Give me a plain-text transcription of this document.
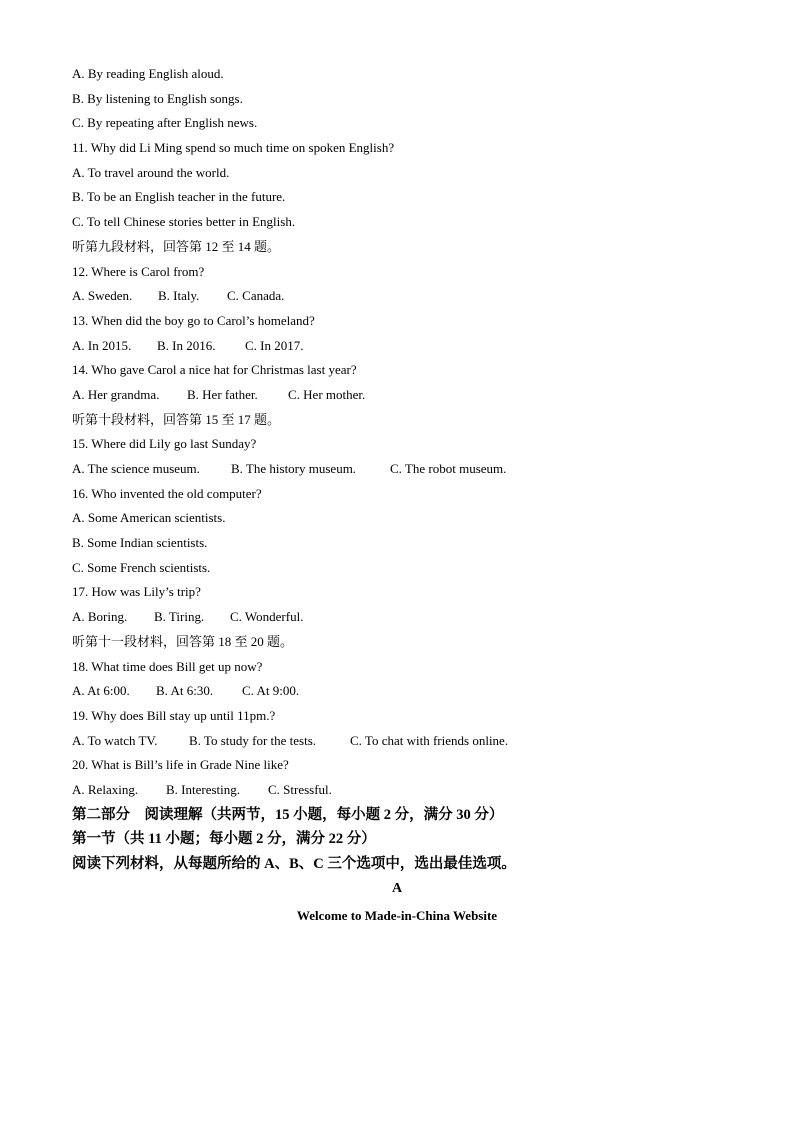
A. By reading English aloud.
B. By listening to English songs.
C. By repeating after English news.
11. Why did Li Ming spend so much time on spoken English?
A. To travel around the world.
B. To be an English teacher in the future.
C. To tell Chinese stories better in English.
听第九段材料，回答第 12 至 14 题。
12. Where is Carol from?
A. Sweden.	B. Italy.	C. Canada.
13. When did the boy go to Carol’s homeland?
A. In 2015.	B. In 2016.	C. In 2017.
14. Who gave Carol a nice hat for Christmas last year?
A. Her grandma.	B. Her father.	C. Her mother.
听第十段材料，回答第 15 至 17 题。
15. Where did Lily go last Sunday?
A. The science museum.	B. The history museum.	C. The robot museum.
16. Who invented the old computer?
A. Some American scientists.
B. Some Indian scientists.
C. Some French scientists.
17. How was Lily’s trip?
A. Boring.	B. Tiring.	C. Wonderful.
听第十一段材料，回答第 18 至 20 题。
18. What time does Bill get up now?
A. At 6:00.	B. At 6:30.	C. At 9:00.
19. Why does Bill stay up until 11pm.?
A. To watch TV.	B. To study for the tests.	C. To chat with friends online.
20. What is Bill’s life in Grade Nine like?
A. Relaxing.	B. Interesting.	C. Stressful.
第二部分　阅读理解（共两节，15 小题，每小题 2 分，满分 30 分）
第一节（共 11 小题；每小题 2 分，满分 22 分）
阅读下列材料，从每题所给的 A、B、C 三个选项中，选出最佳选项。
A
Welcome to Made-in-China Website
